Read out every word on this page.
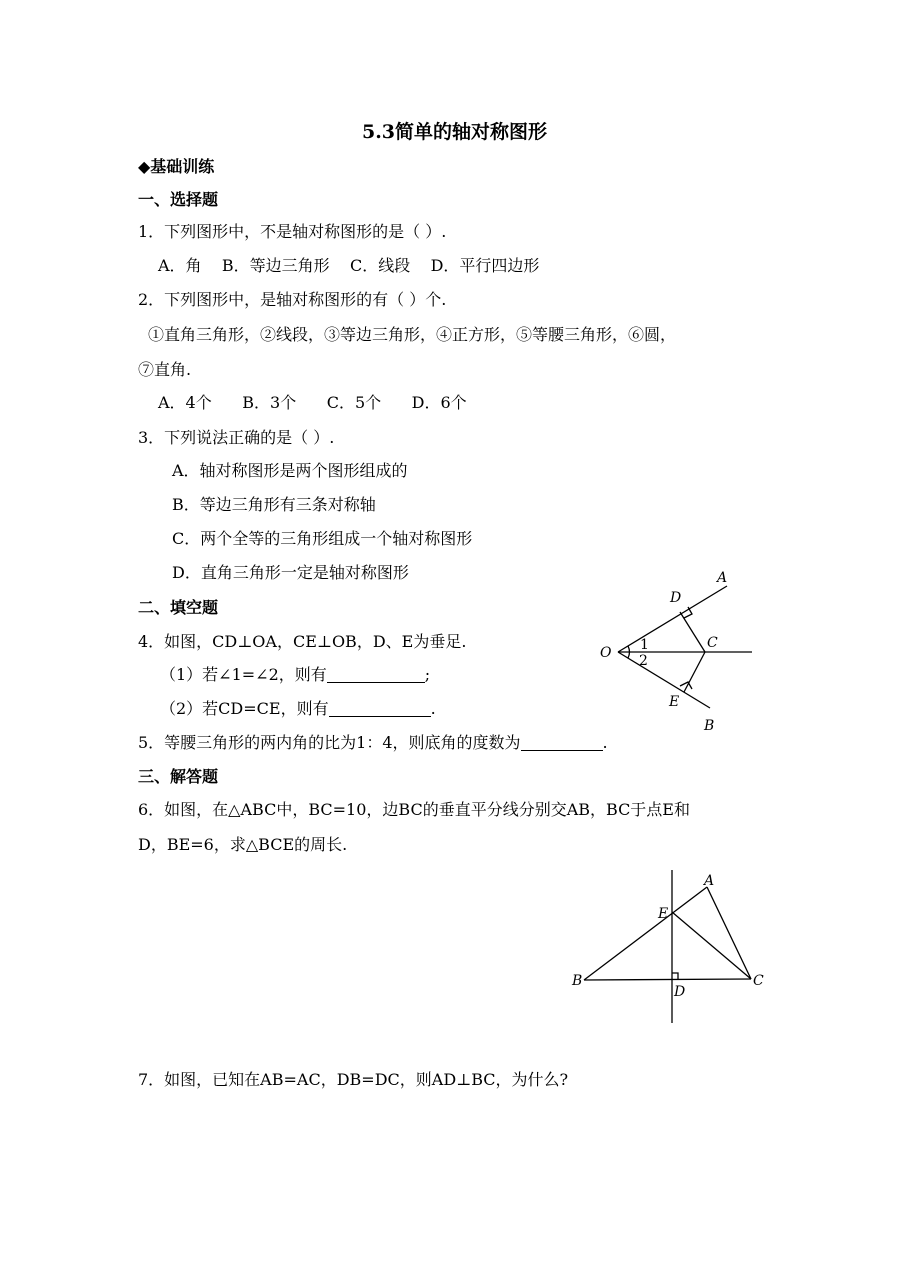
5.3简单的轴对称图形
◆基础训练
一、选择题
1．下列图形中，不是轴对称图形的是（ ）.
A．角    B．等边三角形    C．线段    D．平行四边形
2．下列图形中，是轴对称图形的有（ ）个.
①直角三角形，②线段，③等边三角形，④正方形，⑤等腰三角形，⑥圆，
⑦直角.
A．4个      B．3个      C．5个      D．6个
3．下列说法正确的是（ ）.
A．轴对称图形是两个图形组成的
B．等边三角形有三条对称轴
C．两个全等的三角形组成一个轴对称图形
D．直角三角形一定是轴对称图形
二、填空题
4．如图，CD⊥OA，CE⊥OB，D、E为垂足.
（1）若∠1=∠2，则有	;
（2）若CD=CE，则有	.
O
A
B
C
D
E
1
2
5．等腰三角形的两内角的比为1：4，则底角的度数为	.
三、解答题
6．如图，在△ABC中，BC=10，边BC的垂直平分线分别交AB，BC于点E和
D，BE=6，求△BCE的周长.
A
B	C
D
E
7．如图，已知在AB=AC，DB=DC，则AD⊥BC，为什么?
